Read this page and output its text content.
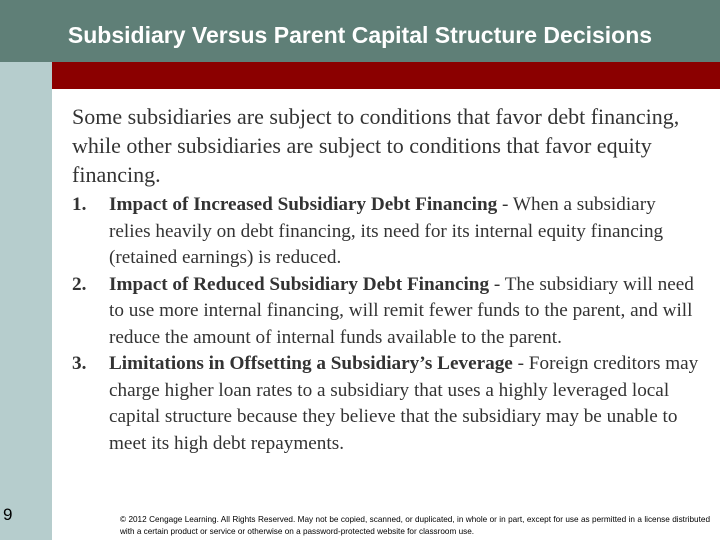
Subsidiary Versus Parent Capital Structure Decisions

Some subsidiaries are subject to conditions that favor debt financing, while other subsidiaries are subject to conditions that favor equity financing.

1. Impact of Increased Subsidiary Debt Financing - When a subsidiary relies heavily on debt financing, its need for its internal equity financing (retained earnings) is reduced.
2. Impact of Reduced Subsidiary Debt Financing - The subsidiary will need to use more internal financing, will remit fewer funds to the parent, and will reduce the amount of internal funds available to the parent.
3. Limitations in Offsetting a Subsidiary’s Leverage - Foreign creditors may charge higher loan rates to a subsidiary that uses a highly leveraged local capital structure because they believe that the subsidiary may be unable to meet its high debt repayments.
9	© 2012 Cengage Learning. All Rights Reserved. May not be copied, scanned, or duplicated, in whole or in part, except for use as permitted in a license distributed with a certain product or service or otherwise on a password-protected website for classroom use.
